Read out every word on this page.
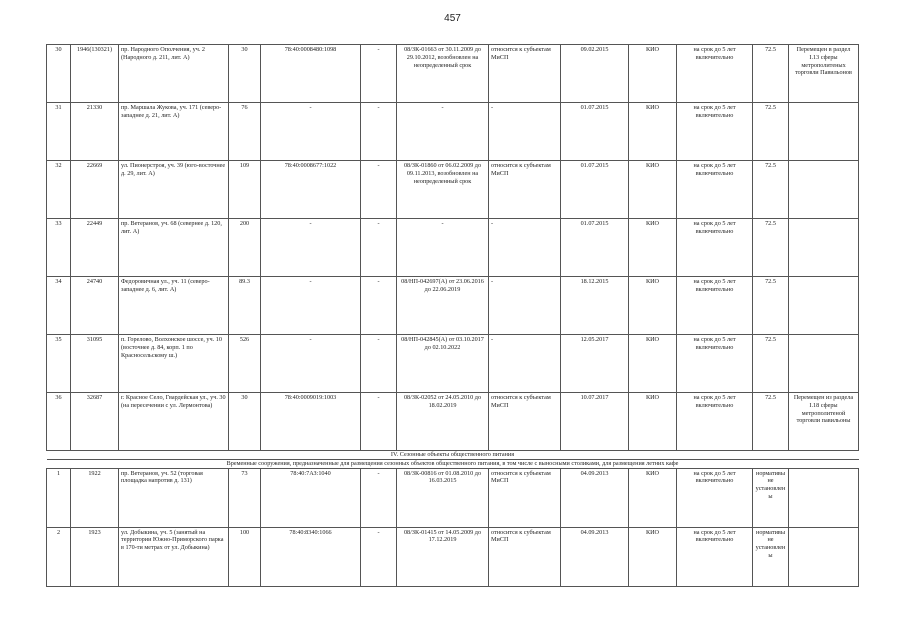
457
30	1946(130321)	пр. Народного Ополчения, уч. 2 (Народного д. 211, лит. А)	30	78:40:0008480:1098	-	08/ЗК-01663 от 30.11.2009 до 29.10.2012, возобновлен на неопределенный срок	относится к субъектам МиСП	09.02.2015	КИО	на срок до 5 лет включительно	72.5	Перемещен в раздел I.13 сферы метрополитеных торговли Павильонов
31	21330	пр. Маршала Жукова, уч. 171 (северо-западнее д. 21, лит. А)	76	-	-	-	-	01.07.2015	КИО	на срок до 5 лет включительно	72.5	
32	22669	ул. Пионерстроя, уч. 39 (юго-восточнее д. 29, лит. А)	109	78:40:0008677:1022	-	08/ЗК-01860 от 06.02.2009 до 09.11.2013, возобновлен на неопределенный срок	относится к субъектам МиСП	01.07.2015	КИО	на срок до 5 лет включительно	72.5	
33	22449	пр. Ветеранов, уч. 68 (севернее д. 120, лит. А)	200	-	-	-	-	01.07.2015	КИО	на срок до 5 лет включительно	72.5	
34	24740	Федоровичная ул., уч. 11 (северо-западнее д. 6, лит. А)	89.3	-	-	08/НП-042697(А) от 23.06.2016 до 22.06.2019	-	18.12.2015	КИО	на срок до 5 лет включительно	72.5	
35	31095	п. Горелово, Волхонское шоссе, уч. 10 (восточнее д. 84, корп. 1 по Красносельскому ш.)	526	-	-	08/НП-042845(А) от 03.10.2017 до 02.10.2022	-	12.05.2017	КИО	на срок до 5 лет включительно	72.5	
36	32687	г. Красное Село, Гвардейская ул., уч. 30 (на пересечении с ул. Лермонтова)	30	78:40:0009019:1003	-	08/ЗК-02052 от 24.05.2010 до 18.02.2019	относится к субъектам МиСП	10.07.2017	КИО	на срок до 5 лет включительно	72.5	Перемещен из раздела I.18 сферы метрополитеной торговли павильоны
IV. Сезонные объекты общественного питания												
Временные сооружения, предназначенные для размещения сезонных объектов общественного питания, в том числе с выносными столиками, для размещения летних кафе												
1	1922	пр. Ветеранов, уч. 52 (торговая площадка напротив д. 131)	73	78:40:7АЗ:1040	-	08/ЗК-00816 от 01.08.2010 до 16.03.2015	относится к субъектам МиСП	04.09.2013	КИО	на срок до 5 лет включительно	нормативы не установлены	
2	1923	ул. Добыкина, уч. 5 (занятый на территории Южно-Приморского парка в 170-ти метрах от ул. Добыкина)	100	78:40:8340:1066	-	08/ЗК-01415 от 14.05.2009 до 17.12.2019	относится к субъектам МиСП	04.09.2013	КИО	на срок до 5 лет включительно	нормативы не установлены	
